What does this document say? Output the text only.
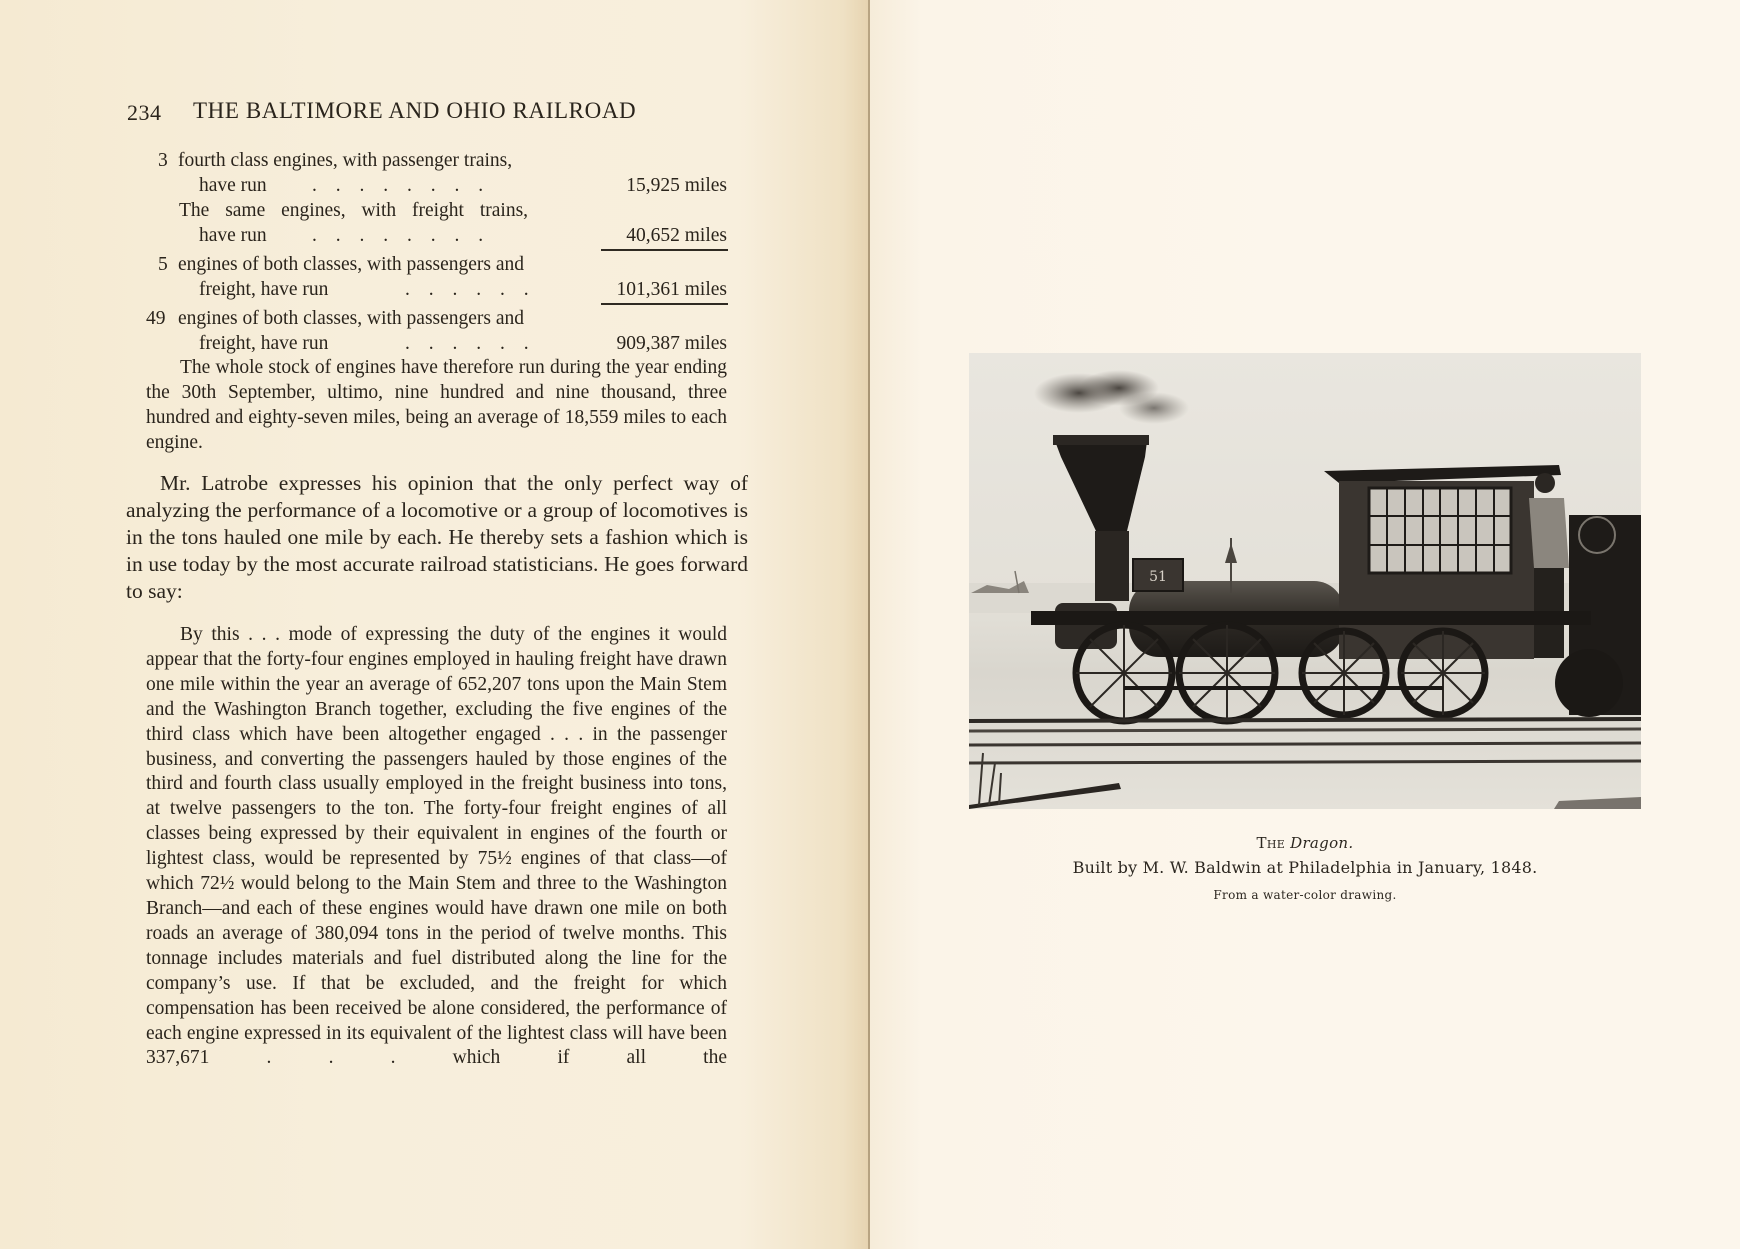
234 THE BALTIMORE AND OHIO RAILROAD
3 fourth class engines, with passenger trains,
have run . . . . . . . .	15,925 miles
The same engines, with freight trains,
have run . . . . . . . .	40,652 miles
5 engines of both classes, with passengers and
freight, have run	. . . . . .	101,361 miles
49 engines of both classes, with passengers and
freight, have run	. . . . . .	909,387 miles

The whole stock of engines have therefore run during the year ending the 30th September, ultimo, nine hundred and nine thousand, three hundred and eighty-seven miles, being an average of 18,559 miles to each engine.

Mr. Latrobe expresses his opinion that the only perfect way of analyzing the performance of a locomotive or a group of locomotives is in the tons hauled one mile by each. He thereby sets a fashion which is in use today by the most accurate railroad statisticians. He goes forward to say:

By this . . . mode of expressing the duty of the engines it would appear that the forty-four engines employed in hauling freight have drawn one mile within the year an average of 652,207 tons upon the Main Stem and the Washington Branch together, excluding the five engines of the third class which have been altogether engaged . . . in the passenger business, and converting the passengers hauled by those engines of the third and fourth class usually employed in the freight business into tons, at twelve passengers to the ton. The forty-four freight engines of all classes being expressed by their equivalent in engines of the fourth or lightest class, would be represented by 75½ engines of that class—of which 72½ would belong to the Main Stem and three to the Washington Branch—and each of these engines would have drawn one mile on both roads an average of 380,094 tons in the period of twelve months. This tonnage includes materials and fuel distributed along the line for the company’s use. If that be excluded, and the freight for which compensation has been received be alone considered, the performance of each engine expressed in its equivalent of the lightest class will have been 337,671 . . . which if all the

51
The Dragon.
Built by M. W. Baldwin at Philadelphia in January, 1848.
From a water-color drawing.
